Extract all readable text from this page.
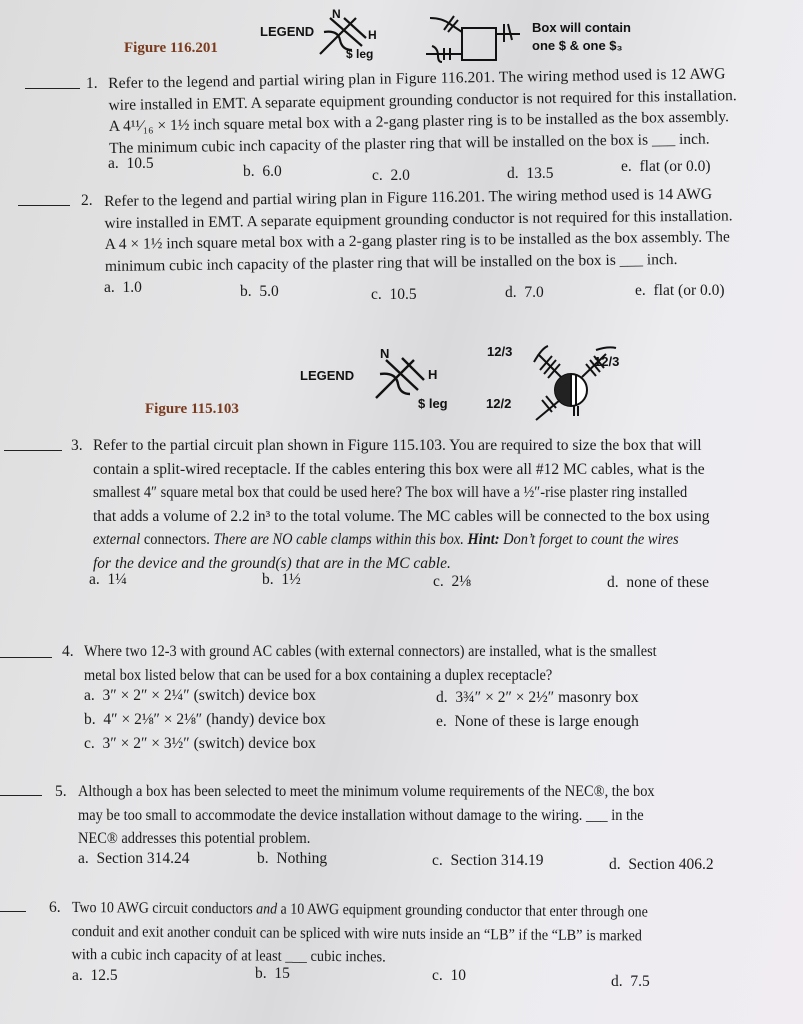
Figure 116.201
LEGEND
N
H
$ leg
Box will contain
one $ & one $₃
1. Refer to the legend and partial wiring plan in Figure 116.201. The wiring method used is 12 AWG

wire installed in EMT. A separate equipment grounding conductor is not required for this installation.

A 4¹¹⁄₁₆ × 1½ inch square metal box with a 2-gang plaster ring is to be installed as the box assembly.

The minimum cubic inch capacity of the plaster ring that will be installed on the box is ___ inch.

a. 10.5	b. 6.0	c. 2.0	d. 13.5	e. flat (or 0.0)
2. Refer to the legend and partial wiring plan in Figure 116.201. The wiring method used is 14 AWG

wire installed in EMT. A separate equipment grounding conductor is not required for this installation.

A 4 × 1½ inch square metal box with a 2-gang plaster ring is to be installed as the box assembly. The

minimum cubic inch capacity of the plaster ring that will be installed on the box is ___ inch.

a. 1.0	b. 5.0	c. 10.5	d. 7.0	e. flat (or 0.0)
Figure 115.103
LEGEND
N
H
$ leg
12/3
12/3
12/2
3. Refer to the partial circuit plan shown in Figure 115.103. You are required to size the box that will

contain a split-wired receptacle. If the cables entering this box were all #12 MC cables, what is the

smallest 4″ square metal box that could be used here? The box will have a ½″-rise plaster ring installed

that adds a volume of 2.2 in³ to the total volume. The MC cables will be connected to the box using

external connectors. There are NO cable clamps within this box. Hint: Don’t forget to count the wires

for the device and the ground(s) that are in the MC cable.

a. 1¼	b. 1½	c. 2⅛	d. none of these
4. Where two 12-3 with ground AC cables (with external connectors) are installed, what is the smallest

metal box listed below that can be used for a box containing a duplex receptacle?

a. 3″ × 2″ × 2¼″ (switch) device box
b. 4″ × 2⅛″ × 2⅛″ (handy) device box
c. 3″ × 2″ × 3½″ (switch) device box
d. 3¾″ × 2″ × 2½″ masonry box
e. None of these is large enough
5. Although a box has been selected to meet the minimum volume requirements of the NEC®, the box

may be too small to accommodate the device installation without damage to the wiring. ___ in the

NEC® addresses this potential problem.

a. Section 314.24	b. Nothing	c. Section 314.19	d. Section 406.2
6. Two 10 AWG circuit conductors and a 10 AWG equipment grounding conductor that enter through one

conduit and exit another conduit can be spliced with wire nuts inside an “LB” if the “LB” is marked

with a cubic inch capacity of at least ___ cubic inches.

a. 12.5	b. 15	c. 10	d. 7.5
